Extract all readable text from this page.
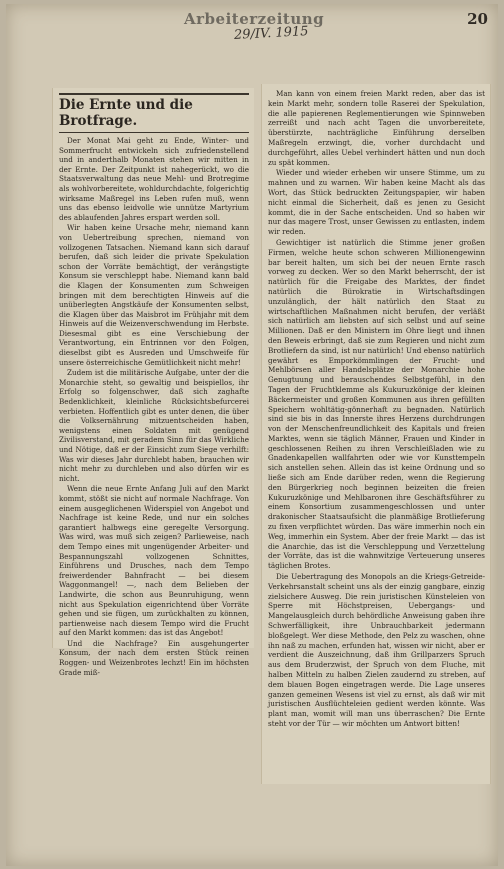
Arbeiterzeitung	20
29/IV. 1915
Die Ernte und die Brotfrage.

Der Monat Mai geht zu Ende, Winter- und Sommerfrucht entwickeln sich zufriedenstellend und in anderthalb Monaten stehen wir mitten in der Ernte. Der Zeitpunkt ist nahegerückt, wo die Staatsverwaltung das neue Mehl- und Brotregime als wohlvorbereitete, wohldurchdachte, folgerichtig wirksame Maßregel ins Leben rufen muß, wenn uns das ebenso leidvolle wie unnütze Martyrium des ablaufenden Jahres erspart werden soll.

Wir haben keine Ursache mehr, niemand kann von Uebertreibung sprechen, niemand von vollzogenen Tatsachen. Niemand kann sich darauf berufen, daß sich leider die private Spekulation schon der Vorräte bemächtigt, der verängstigte Konsum sie verschleppt habe. Niemand kann bald die Klagen der Konsumenten zum Schweigen bringen mit dem berechtigten Hinweis auf die unüberlegten Angstkäufe der Konsumenten selbst, die Klagen über das Maisbrot im Frühjahr mit dem Hinweis auf die Weizenverschwendung im Herbste. Diesesmal gibt es eine Verschiebung der Verantwortung, ein Entrinnen vor den Folgen, dieselbst gibt es Ausreden und Umschweife für unsere österreichische Gemütlichkeit nicht mehr!

Zudem ist die militärische Aufgabe, unter der die Monarchie steht, so gewaltig und beispiellos, ihr Erfolg so folgenschwer, daß sich zaghafte Bedenklichkeit, kleinliche Rücksichtsbefurcerei verbieten. Hoffentlich gibt es unter denen, die über die Volksernährung mitzuentscheiden haben, wenigstens einen Soldaten mit genügend Zivilisverstand, mit geradem Sinn für das Wirkliche und Nötige, daß er der Einsicht zum Siege verhilft: Was wir dieses Jahr durchlebt haben, brauchen wir nicht mehr zu durchleben und also dürfen wir es nicht.

Wenn die neue Ernte Anfang Juli auf den Markt kommt, stößt sie nicht auf normale Nachfrage. Von einem ausgeglichenen Widerspiel von Angebot und Nachfrage ist keine Rede, und nur ein solches garantiert halbwegs eine geregelte Versorgung. Was wird, was muß sich zeigen? Parlieweise, nach dem Tempo eines mit ungenügender Arbeiter- und Bespannungszahl vollzogenen Schnittes, Einführens und Drusches, nach dem Tempo freiwerdender Bahnfracht — bei diesem Waggonmangel! —, nach dem Belieben der Landwirte, die schon aus Beunruhigung, wenn nicht aus Spekulation eigenrichtend über Vorräte gehen und sie fügen, um zurückhalten zu können, partienweise nach diesem Tempo wird die Frucht auf den Markt kommen: das ist das Angebot!

Und die Nachfrage? Ein ausgehungerter Konsum, der nach dem ersten Stück reinen Roggen- und Weizenbrotes lechzt! Ein im höchsten Grade miß-

Man kann von einem freien Markt reden, aber das ist kein Markt mehr, sondern tolle Raserei der Spekulation, die alle papierenen Reglementierungen wie Spinnweben zerreißt und nach acht Tagen die unvorbereitete, überstürzte, nachträgliche Einführung derselben Maßregeln erzwingt, die, vorher durchdacht und durchgeführt, alles Uebel verhindert hätten und nun doch zu spät kommen.

Wieder und wieder erheben wir unsere Stimme, um zu mahnen und zu warnen. Wir haben keine Macht als das Wort, das Stück bedruckten Zeitungspapier, wir haben nicht einmal die Sicherheit, daß es jenen zu Gesicht kommt, die in der Sache entscheiden. Und so haben wir nur das magere Trost, unser Gewissen zu entlasten, indem wir reden.

Gewichtiger ist natürlich die Stimme jener großen Firmen, welche heute schon schweren Millionengewinn bar bereit halten, um sich bei der neuen Ernte rasch vorweg zu decken. Wer so den Markt beherrscht, der ist natürlich für die Freigabe des Marktes, der findet natürlich die Bürokratie in Wirtschaftsdingen unzulänglich, der hält natürlich den Staat zu wirtschaftlichen Maßnahmen nicht berufen, der verläßt sich natürlich am liebsten auf sich selbst und auf seine Millionen. Daß er den Ministern im Ohre liegt und ihnen den Beweis erbringt, daß sie zum Regieren und nicht zum Brotliefern da sind, ist nur natürlich! Und ebenso natürlich gewährt es Emporkömmlingen der Frucht- und Mehlbörsen aller Handelsplätze der Monarchie hohe Genugtuung und berauschendes Selbstgefühl, in den Tagen der Fruchtklemme als Kukuruzkönige der kleinen Bäckermeister und großen Kommunen aus ihren gefüllten Speichern wohltätig-gönnerhaft zu begnaden. Natürlich sind sie bis in das Innerste ihres Herzens durchdrungen von der Menschenfreundlichkeit des Kapitals und freien Marktes, wenn sie täglich Männer, Frauen und Kinder in geschlossenen Reihen zu ihren Verschleißladen wie zu Gnadenkapellen wallfahrten oder wie vor Kunsttempeln sich anstellen sehen. Allein das ist keine Ordnung und so ließe sich am Ende darüber reden, wenn die Regierung den Bürgerkrieg noch beginnen beizeiten die freien Kukuruzkönige und Mehlbaronen ihre Geschäftsführer zu einem Konsortium zusammengeschlossen und unter drakonischer Staatsaufsicht die planmäßige Brotlieferung zu fixen verpflichtet würden. Das wäre immerhin noch ein Weg, immerhin ein System. Aber der freie Markt — das ist die Anarchie, das ist die Verschleppung und Verzettelung der Vorräte, das ist die wahnwitzige Verteuerung unseres täglichen Brotes.

Die Uebertragung des Monopols an die Kriegs-Getreide-Verkehrsanstalt scheint uns als der einzig gangbare, einzig zielsichere Ausweg. Die rein juristischen Künsteleien von Sperre mit Höchstpreisen, Uebergangs- und Mangelausgleich durch behördliche Anweisung gaben ihre Schwerfälligkeit, ihre Unbrauchbarkeit jedermann bloßgelegt. Wer diese Methode, den Pelz zu waschen, ohne ihn naß zu machen, erfunden hat, wissen wir nicht, aber er verdient die Auszeichnung, daß ihm Grillparzers Spruch aus dem Bruderzwist, der Spruch von dem Fluche, mit halben Mitteln zu halben Zielen zaudernd zu streben, auf dem blauen Bogen eingetragen werde. Die Lage unseres ganzen gemeinen Wesens ist viel zu ernst, als daß wir mit juristischen Ausflüchteleien gedient werden könnte. Was plant man, womit will man uns überraschen? Die Ernte steht vor der Tür — wir möchten um Antwort bitten!
